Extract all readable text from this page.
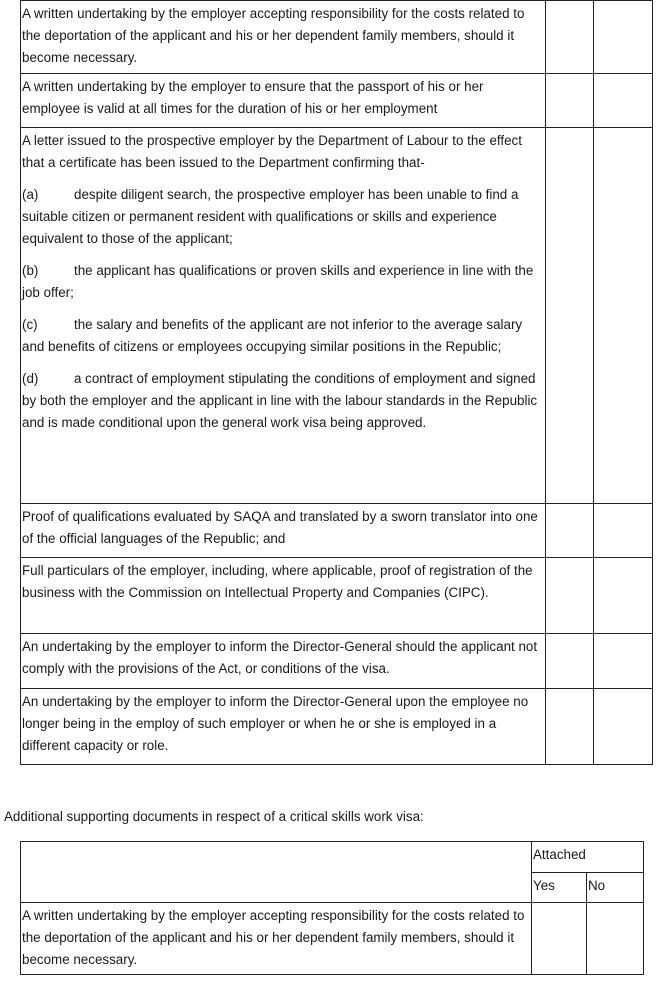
A written undertaking by the employer accepting responsibility for the costs related to the deportation of the applicant and his or her dependent family members, should it become necessary.		

A written undertaking by the employer to ensure that the passport of his or her employee is valid at all times for the duration of his or her employment		

A letter issued to the prospective employer by the Department of Labour to the effect that a certificate has been issued to the Department confirming that-

(a) despite diligent search, the prospective employer has been unable to find a suitable citizen or permanent resident with qualifications or skills and experience equivalent to those of the applicant;

(b) the applicant has qualifications or proven skills and experience in line with the job offer;

(c) the salary and benefits of the applicant are not inferior to the average salary and benefits of citizens or employees occupying similar positions in the Republic;

(d) a contract of employment stipulating the conditions of employment and signed by both the employer and the applicant in line with the labour standards in the Republic and is made conditional upon the general work visa being approved.		

Proof of qualifications evaluated by SAQA and translated by a sworn translator into one of the official languages of the Republic; and		

Full particulars of the employer, including, where applicable, proof of registration of the business with the Commission on Intellectual Property and Companies (CIPC).		

An undertaking by the employer to inform the Director-General should the applicant not comply with the provisions of the Act, or conditions of the visa.		

An undertaking by the employer to inform the Director-General upon the employee no longer being in the employ of such employer or when he or she is employed in a different capacity or role.		

Additional supporting documents in respect of a critical skills work visa:
	Attached	
	Yes	No
A written undertaking by the employer accepting responsibility for the costs related to the deportation of the applicant and his or her dependent family members, should it become necessary.		
